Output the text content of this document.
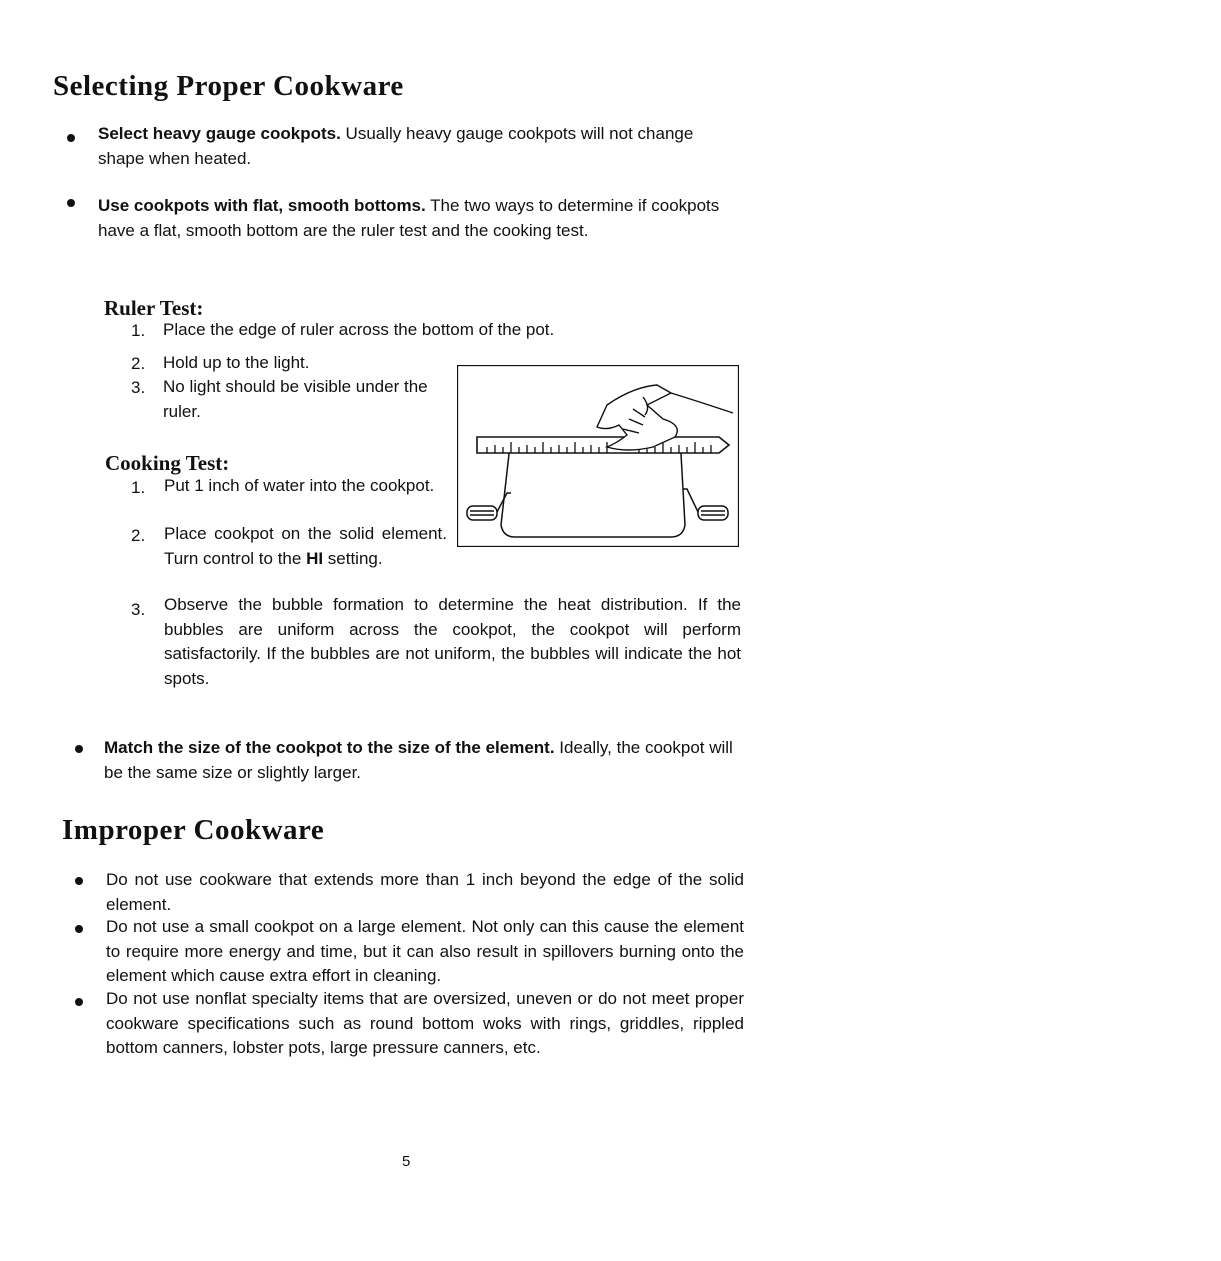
Selecting Proper Cookware

Select heavy gauge cookpots. Usually heavy gauge cookpots will not change shape when heated.

Use cookpots with flat, smooth bottoms. The two ways to determine if cookpots have a flat, smooth bottom are the ruler test and the cooking test.

Ruler Test:
1. Place the edge of ruler across the bottom of the pot.

2. Hold up to the light.

3. No light should be visible under the ruler.

Cooking Test:
1. Put 1 inch of water into the cookpot.

2. Place cookpot on the solid element. Turn control to the HI setting.

3. Observe the bubble formation to determine the heat distribution. If the bubbles are uniform across the cookpot, the cookpot will perform satisfactorily. If the bubbles are not uniform, the bubbles will indicate the hot spots.

Match the size of the cookpot to the size of the element. Ideally, the cookpot will be the same size or slightly larger.

Improper Cookware

Do not use cookware that extends more than 1 inch beyond the edge of the solid element.

Do not use a small cookpot on a large element. Not only can this cause the element to require more energy and time, but it can also result in spillovers burning onto the element which cause extra effort in cleaning.

Do not use nonflat specialty items that are oversized, uneven or do not meet proper cookware specifications such as round bottom woks with rings, griddles, rippled bottom canners, lobster pots, large pressure canners, etc.

5
